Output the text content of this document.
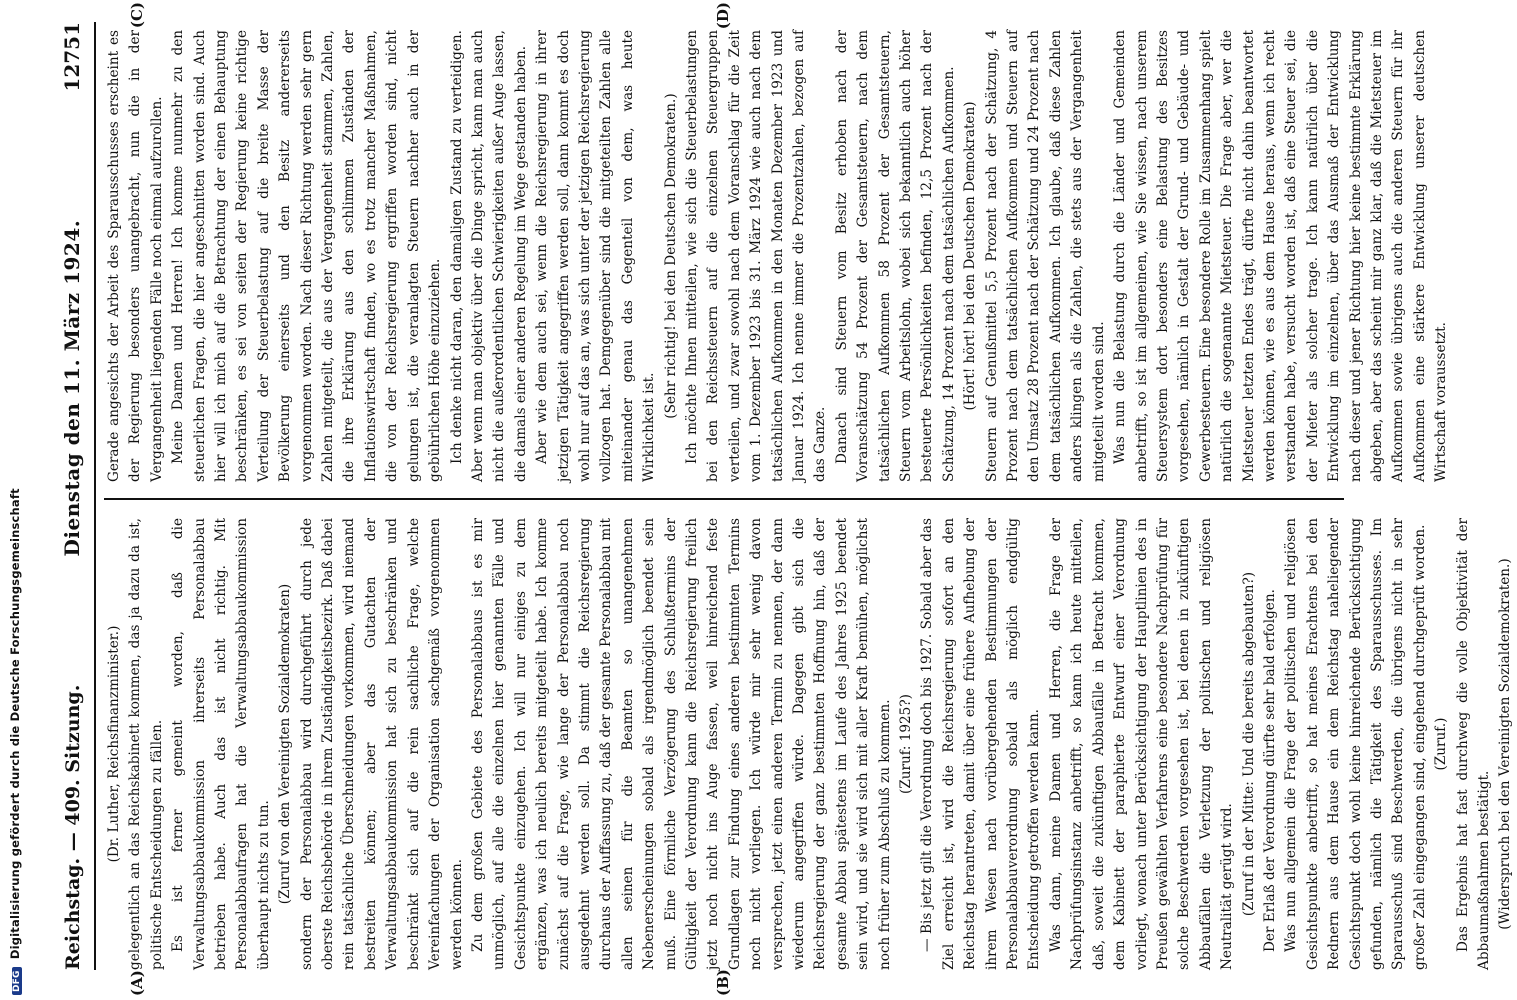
DFG Digitalisierung gefördert durch die Deutsche Forschungsgemeinschaft Reichstag. — 409. Sitzung.
Dienstag den 11. März 1924.
12751

(Dr. Luther, Reichsfinanzminister.) gelegentlich an das Reichskabinett kommen, das ja dazu da ist, politische Entscheidungen zu fällen. Es ist ferner gemeint worden, daß die Verwaltungsabbaukommission ihrerseits Personalabbau betrieben habe. Auch das ist nicht richtig. Mit Personalabbaufragen hat die Verwaltungsabbaukommission überhaupt nichts zu tun. (Zuruf von den Vereinigten Sozialdemokraten) sondern der Personalabbau wird durchgeführt durch jede oberste Reichsbehörde in ihrem Zuständigkeitsbezirk. Daß dabei rein tatsächliche Überschneidungen vorkommen, wird niemand bestreiten können; aber das Gutachten der Verwaltungsabbaukommission hat sich zu beschränken und beschränkt sich auf die rein sachliche Frage, welche Vereinfachungen der Organisation sachgemäß vorgenommen werden können. Zu dem großen Gebiete des Personalabbaus ist es mir unmöglich, auf alle die einzelnen hier genannten Fälle und Gesichtspunkte einzugehen. Ich will nur einiges zu dem ergänzen, was ich neulich bereits mitgeteilt habe. Ich komme zunächst auf die Frage, wie lange der Personalabbau noch ausgedehnt werden soll. Da stimmt die Reichsregierung durchaus der Auffassung zu, daß der gesamte Personalabbau mit allen seinen für die Beamten so unangenehmen Nebenerscheinungen sobald als irgendmöglich beendet sein muß. Eine förmliche Verzögerung des Schlußtermins der Gültigkeit der Verordnung kann die Reichsregierung freilich jetzt noch nicht ins Auge fassen, weil hinreichend feste Grundlagen zur Findung eines anderen bestimmten Termins noch nicht vorliegen. Ich würde mir sehr wenig davon versprechen, jetzt einen anderen Termin zu nennen, der dann wiederum angegriffen würde. Dagegen gibt sich die Reichsregierung der ganz bestimmten Hoffnung hin, daß der gesamte Abbau spätestens im Laufe des Jahres 1925 beendet sein wird, und sie wird sich mit aller Kraft bemühen, möglichst noch früher zum Abschluß zu kommen. (Zuruf: 1925?) — Bis jetzt gilt die Verordnung doch bis 1927. Sobald aber das Ziel erreicht ist, wird die Reichsregierung sofort an den Reichstag herantreten, damit über eine frühere Aufhebung der ihrem Wesen nach vorübergehenden Bestimmungen der Personalabbauverordnung sobald als möglich endgültig Entscheidung getroffen werden kann. Was dann, meine Damen und Herren, die Frage der Nachprüfungsinstanz anbetrifft, so kann ich heute mitteilen, daß, soweit die zukünftigen Abbaufälle in Betracht kommen, dem Kabinett der paraphierte Entwurf einer Verordnung vorliegt, wonach unter Berücksichtigung der Hauptlinien des in Preußen gewählten Verfahrens eine besondere Nachprüfung für solche Beschwerden vorgesehen ist, bei denen in zukünftigen Abbaufällen die Verletzung der politischen und religiösen Neutralität gerügt wird. (Zuruf in der Mitte: Und die bereits abgebauten?) Der Erlaß der Verordnung dürfte sehr bald erfolgen. Was nun allgemein die Frage der politischen und religiösen Gesichtspunkte anbetrifft, so hat meines Erachtens bei den Rednern aus dem Hause ein dem Reichstag naheliegender Gesichtspunkt doch wohl keine hinreichende Berücksichtigung gefunden, nämlich die Tätigkeit des Sparausschusses. Im Sparausschuß sind Beschwerden, die übrigens nicht in sehr großer Zahl eingegangen sind, eingehend durchgeprüft worden. (Zuruf.) Das Ergebnis hat fast durchweg die volle Objektivität der Abbaumaßnahmen bestätigt. (Widerspruch bei den Vereinigten Sozialdemokraten.)

Gerade angesichts der Arbeit des Sparausschusses erscheint es der Regierung besonders unangebracht, nun die in der Vergangenheit liegenden Fälle noch einmal aufzurollen. Meine Damen und Herren! Ich komme nunmehr zu den steuerlichen Fragen, die hier angeschnitten worden sind. Auch hier will ich mich auf die Betrachtung der einen Behauptung beschränken, es sei von seiten der Regierung keine richtige Verteilung der Steuerbelastung auf die breite Masse der Bevölkerung einerseits und den Besitz andererseits vorgenommen worden. Nach dieser Richtung werden sehr gern Zahlen mitgeteilt, die aus der Vergangenheit stammen, Zahlen, die ihre Erklärung aus den schlimmen Zuständen der Inflationswirtschaft finden, wo es trotz mancher Maßnahmen, die von der Reichsregierung ergriffen worden sind, nicht gelungen ist, die veranlagten Steuern nachher auch in der gebührlichen Höhe einzuziehen. Ich denke nicht daran, den damaligen Zustand zu verteidigen. Aber wenn man objektiv über die Dinge spricht, kann man auch nicht die außerordentlichen Schwierigkeiten außer Auge lassen, die damals einer anderen Regelung im Wege gestanden haben. Aber wie dem auch sei, wenn die Reichsregierung in ihrer jetzigen Tätigkeit angegriffen werden soll, dann kommt es doch wohl nur auf das an, was sich unter der jetzigen Reichsregierung vollzogen hat. Demgegenüber sind die mitgeteilten Zahlen alle miteinander genau das Gegenteil von dem, was heute Wirklichkeit ist.

(Sehr richtig! bei den Deutschen Demokraten.) Ich möchte Ihnen mitteilen, wie sich die Steuerbelastungen bei den Reichssteuern auf die einzelnen Steuergruppen verteilen, und zwar sowohl nach dem Voranschlag für die Zeit vom 1. Dezember 1923 bis 31. März 1924 wie auch nach dem tatsächlichen Aufkommen in den Monaten Dezember 1923 und Januar 1924. Ich nenne immer die Prozentzahlen, bezogen auf das Ganze. Danach sind Steuern vom Besitz erhoben nach der Voranschätzung 54 Prozent der Gesamtsteuern, nach dem tatsächlichen Aufkommen 58 Prozent der Gesamtsteuern, Steuern vom Arbeitslohn, wobei sich bekanntlich auch höher besteuerte Persönlichkeiten befinden, 12,5 Prozent nach der Schätzung, 14 Prozent nach dem tatsächlichen Aufkommen. (Hört! hört! bei den Deutschen Demokraten) Steuern auf Genußmittel 5,5 Prozent nach der Schätzung, 4 Prozent nach dem tatsächlichen Aufkommen und Steuern auf den Umsatz 28 Prozent nach der Schätzung und 24 Prozent nach dem tatsächlichen Aufkommen. Ich glaube, daß diese Zahlen anders klingen als die Zahlen, die stets aus der Vergangenheit mitgeteilt worden sind. Was nun die Belastung durch die Länder und Gemeinden anbetrifft, so ist im allgemeinen, wie Sie wissen, nach unserem Steuersystem dort besonders eine Belastung des Besitzes vorgesehen, nämlich in Gestalt der Grund- und Gebäude- und Gewerbesteuern. Eine besondere Rolle im Zusammenhang spielt natürlich die sogenannte Mietsteuer. Die Frage aber, wer die Mietsteuer letzten Endes trägt, dürfte nicht dahin beantwortet werden können, wie es aus dem Hause heraus, wenn ich recht verstanden habe, versucht worden ist, daß eine Steuer sei, die der Mieter als solcher trage. Ich kann natürlich über die Entwicklung im einzelnen, über das Ausmaß der Entwicklung nach dieser und jener Richtung hier keine bestimmte Erklärung abgeben, aber das scheint mir ganz klar, daß die Mietsteuer im Aufkommen sowie übrigens auch die anderen Steuern für ihr Aufkommen eine stärkere Entwicklung unserer deutschen Wirtschaft voraussetzt.

(A)	(B)
(C)	(D)
